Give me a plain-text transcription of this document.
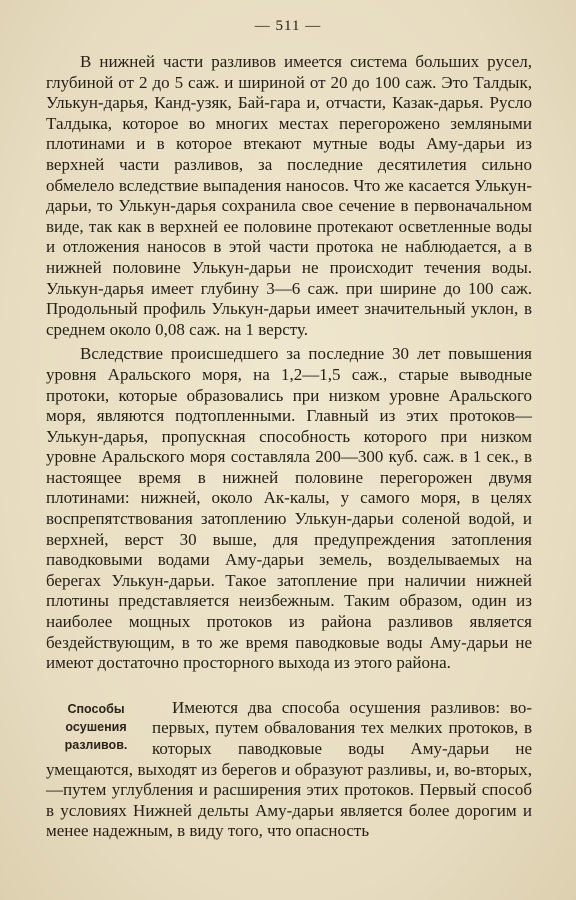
— 511 —

В нижней части разливов имеется система больших русел, глубиной от 2 до 5 саж. и шириной от 20 до 100 саж. Это Талдык, Улькун-дарья, Канд-узяк, Бай-гара и, отчасти, Казак-дарья. Русло Талдыка, которое во многих местах перегорожено земляными плотинами и в которое втекают мутные воды Аму-дарьи из верхней части разливов, за последние десятилетия сильно обмелело вследствие выпадения наносов. Что же касается Улькун-дарьи, то Улькун-дарья сохранила свое сечение в первоначальном виде, так как в верхней ее половине протекают осветленные воды и отложения наносов в этой части протока не наблюдается, а в нижней половине Улькун-дарьи не происходит течения воды. Улькун-дарья имеет глубину 3—6 саж. при ширине до 100 саж. Продольный профиль Улькун-дарьи имеет значительный уклон, в среднем около 0,08 саж. на 1 версту.

Вследствие происшедшего за последние 30 лет повышения уровня Аральского моря, на 1,2—1,5 саж., старые выводные протоки, которые образовались при низком уровне Аральского моря, являются подтопленными. Главный из этих протоков—Улькун-дарья, пропускная способность которого при низком уровне Аральского моря составляла 200—300 куб. саж. в 1 сек., в настоящее время в нижней половине перегорожен двумя плотинами: нижней, около Ак-калы, у самого моря, в целях воспрепятствования затоплению Улькун-дарьи соленой водой, и верхней, верст 30 выше, для предупреждения затопления паводковыми водами Аму-дарьи земель, возделываемых на берегах Улькун-дарьи. Такое затопление при наличии нижней плотины представляется неизбежным. Таким образом, один из наиболее мощных протоков из района разливов является бездействующим, в то же время паводковые воды Аму-дарьи не имеют достаточно просторного выхода из этого района.

Способы осушения разливов.

Имеются два способа осушения разливов: во-первых, путем обвалования тех мелких протоков, в которых паводковые воды Аму-дарьи не умещаются, выходят из берегов и образуют разливы, и, во-вторых,—путем углубления и расширения этих протоков. Первый способ в условиях Нижней дельты Аму-дарьи является более дорогим и менее надежным, в виду того, что опасность
